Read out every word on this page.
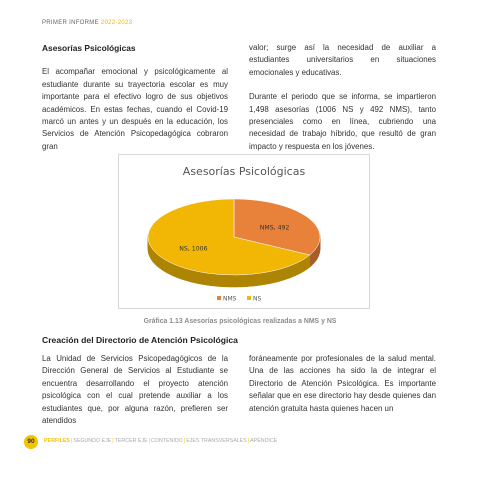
PRIMER INFORME 2022-2023
Asesorías Psicológicas
El acompañar emocional y psicológicamente al estudiante durante su trayectoria escolar es muy importante para el efectivo logro de sus objetivos académicos. En estas fechas, cuando el Covid-19 marcó un antes y un después en la educación, los Servicios de Atención Psicopedagógica cobraron gran
valor; surge así la necesidad de auxiliar a estudiantes universitarios en situaciones emocionales y educativas.
Durante el periodo que se informa, se impartieron 1,498 asesorías (1006 NS y 492 NMS), tanto presenciales como en línea, cubriendo una necesidad de trabajo híbrido, que resultó de gran impacto y respuesta en los jóvenes.
Asesorías Psicológicas
NMS, 492
NS, 1006
NMS	NS
Gráfica 1.13 Asesorías psicológicas realizadas a NMS y NS
Creación del Directorio de Atención Psicológica
La Unidad de Servicios Psicopedagógicos de la Dirección General de Servicios al Estudiante se encuentra desarrollando el proyecto atención psicológica con el cual pretende auxiliar a los estudiantes que, por alguna razón, prefieren ser atendidos
foráneamente por profesionales de la salud mental. Una de las acciones ha sido la de integrar el Directorio de Atención Psicológica. Es importante señalar que en ese directorio hay desde quienes dan atención gratuita hasta quienes hacen un
90	PERFILES|SEGUNDO EJE|TERCER EJE|CONTENIDO|EJES TRANSVERSALES|APÉNDICE
